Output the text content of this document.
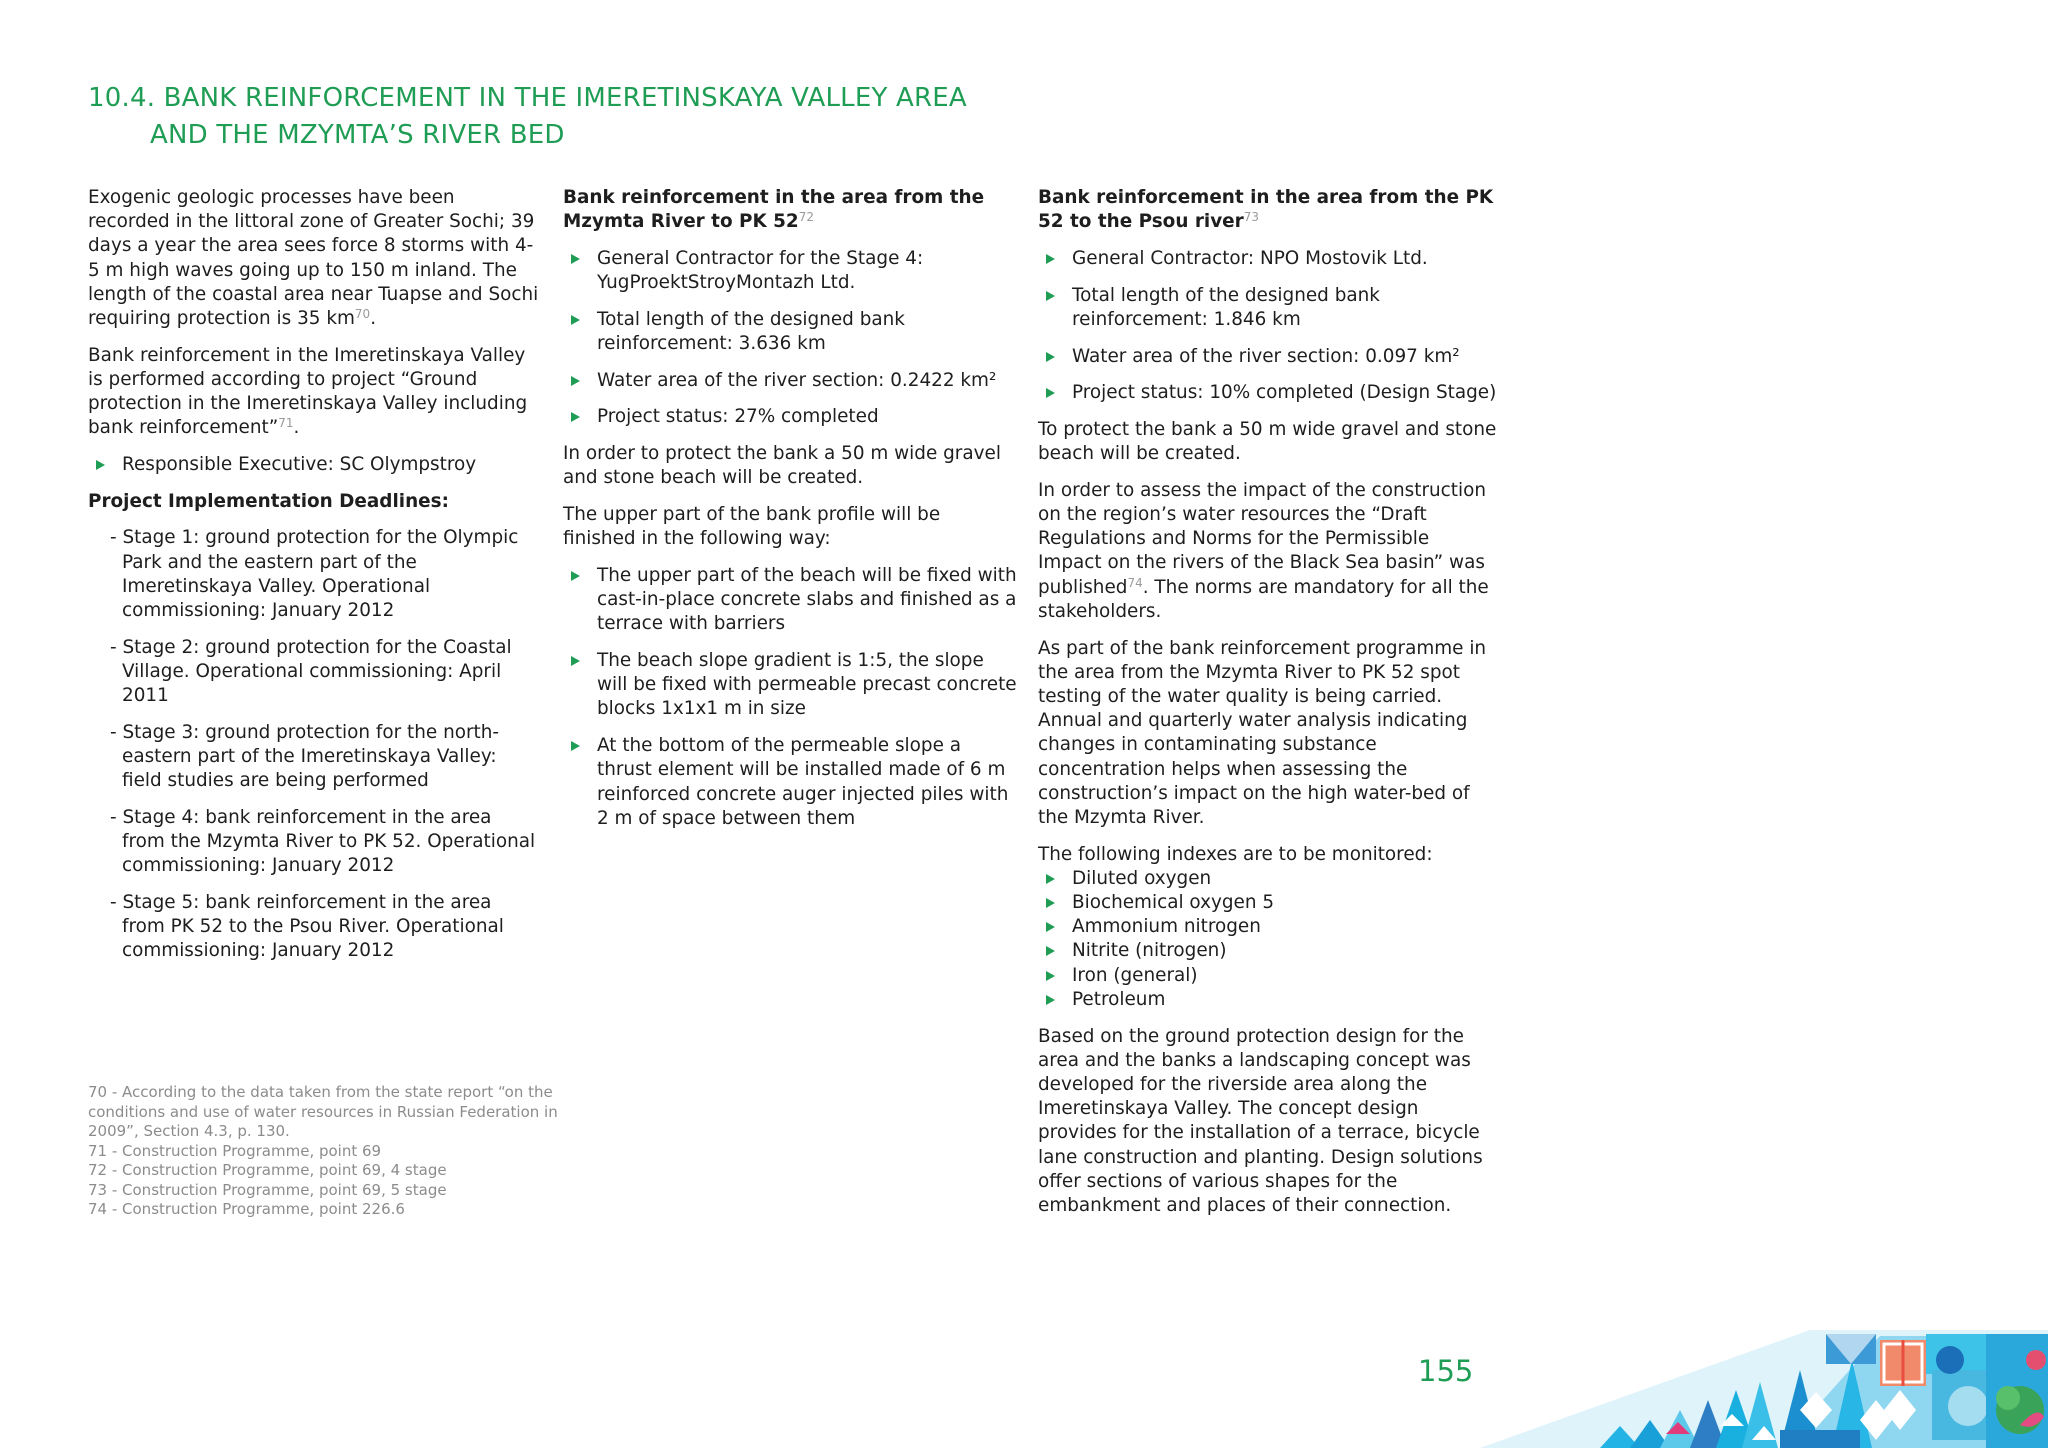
10.4. BANK REINFORCEMENT IN THE IMERETINSKAYA VALLEY AREA
AND THE MZYMTA’S RIVER BED

Exogenic geologic processes have been recorded in the littoral zone of Greater Sochi; 39 days a year the area sees force 8 storms with 4-5 m high waves going up to 150 m inland. The length of the coastal area near Tuapse and Sochi requiring protection is 35 km$^{70}$.

Bank reinforcement in the Imeretinskaya Valley is performed according to project “Ground protection in the Imeretinskaya Valley including bank reinforcement”$^{71}$.

Responsible Executive: SC Olympstroy
Project Implementation Deadlines:
- Stage 1: ground protection for the Olympic Park and the eastern part of the Imeretinskaya Valley. Operational commissioning: January 2012
- Stage 2: ground protection for the Coastal Village. Operational commissioning: April 2011
- Stage 3: ground protection for the north-eastern part of the Imeretinskaya Valley: field studies are being performed
- Stage 4: bank reinforcement in the area from the Mzymta River to PK 52. Operational commissioning: January 2012
- Stage 5: bank reinforcement in the area from PK 52 to the Psou River. Operational commissioning: January 2012
Bank reinforcement in the area from the Mzymta River to PK 52$^{72}$
General Contractor for the Stage 4: YugProektStroyMontazh Ltd.
Total length of the designed bank reinforcement: 3.636 km
Water area of the river section: 0.2422 km²
Project status: 27% completed

In order to protect the bank a 50 m wide gravel and stone beach will be created.

The upper part of the bank profile will be finished in the following way:

The upper part of the beach will be fixed with cast-in-place concrete slabs and finished as a terrace with barriers
The beach slope gradient is 1:5, the slope will be fixed with permeable precast concrete blocks 1x1x1 m in size
At the bottom of the permeable slope a thrust element will be installed made of 6 m reinforced concrete auger injected piles with 2 m of space between them
Bank reinforcement in the area from the PK 52 to the Psou river$^{73}$
General Contractor: NPO Mostovik Ltd.
Total length of the designed bank reinforcement: 1.846 km
Water area of the river section: 0.097 km²
Project status: 10% completed (Design Stage)

To protect the bank a 50 m wide gravel and stone beach will be created.

In order to assess the impact of the construction on the region’s water resources the “Draft Regulations and Norms for the Permissible Impact on the rivers of the Black Sea basin” was published$^{74}$. The norms are mandatory for all the stakeholders.

As part of the bank reinforcement programme in the area from the Mzymta River to PK 52 spot testing of the water quality is being carried. Annual and quarterly water analysis indicating changes in contaminating substance concentration helps when assessing the construction’s impact on the high water-bed of the Mzymta River.

The following indexes are to be monitored:

Diluted oxygen
Biochemical oxygen 5
Ammonium nitrogen
Nitrite (nitrogen)
Iron (general)
Petroleum

Based on the ground protection design for the area and the banks a landscaping concept was developed for the riverside area along the Imeretinskaya Valley. The concept design provides for the installation of a terrace, bicycle lane construction and planting. Design solutions offer sections of various shapes for the embankment and places of their connection.

70 - According to the data taken from the state report “on the conditions and use of water resources in Russian Federation in 2009”, Section 4.3, p. 130.
71 - Construction Programme, point 69
72 - Construction Programme, point 69, 4 stage
73 - Construction Programme, point 69, 5 stage
74 - Construction Programme, point 226.6
155
